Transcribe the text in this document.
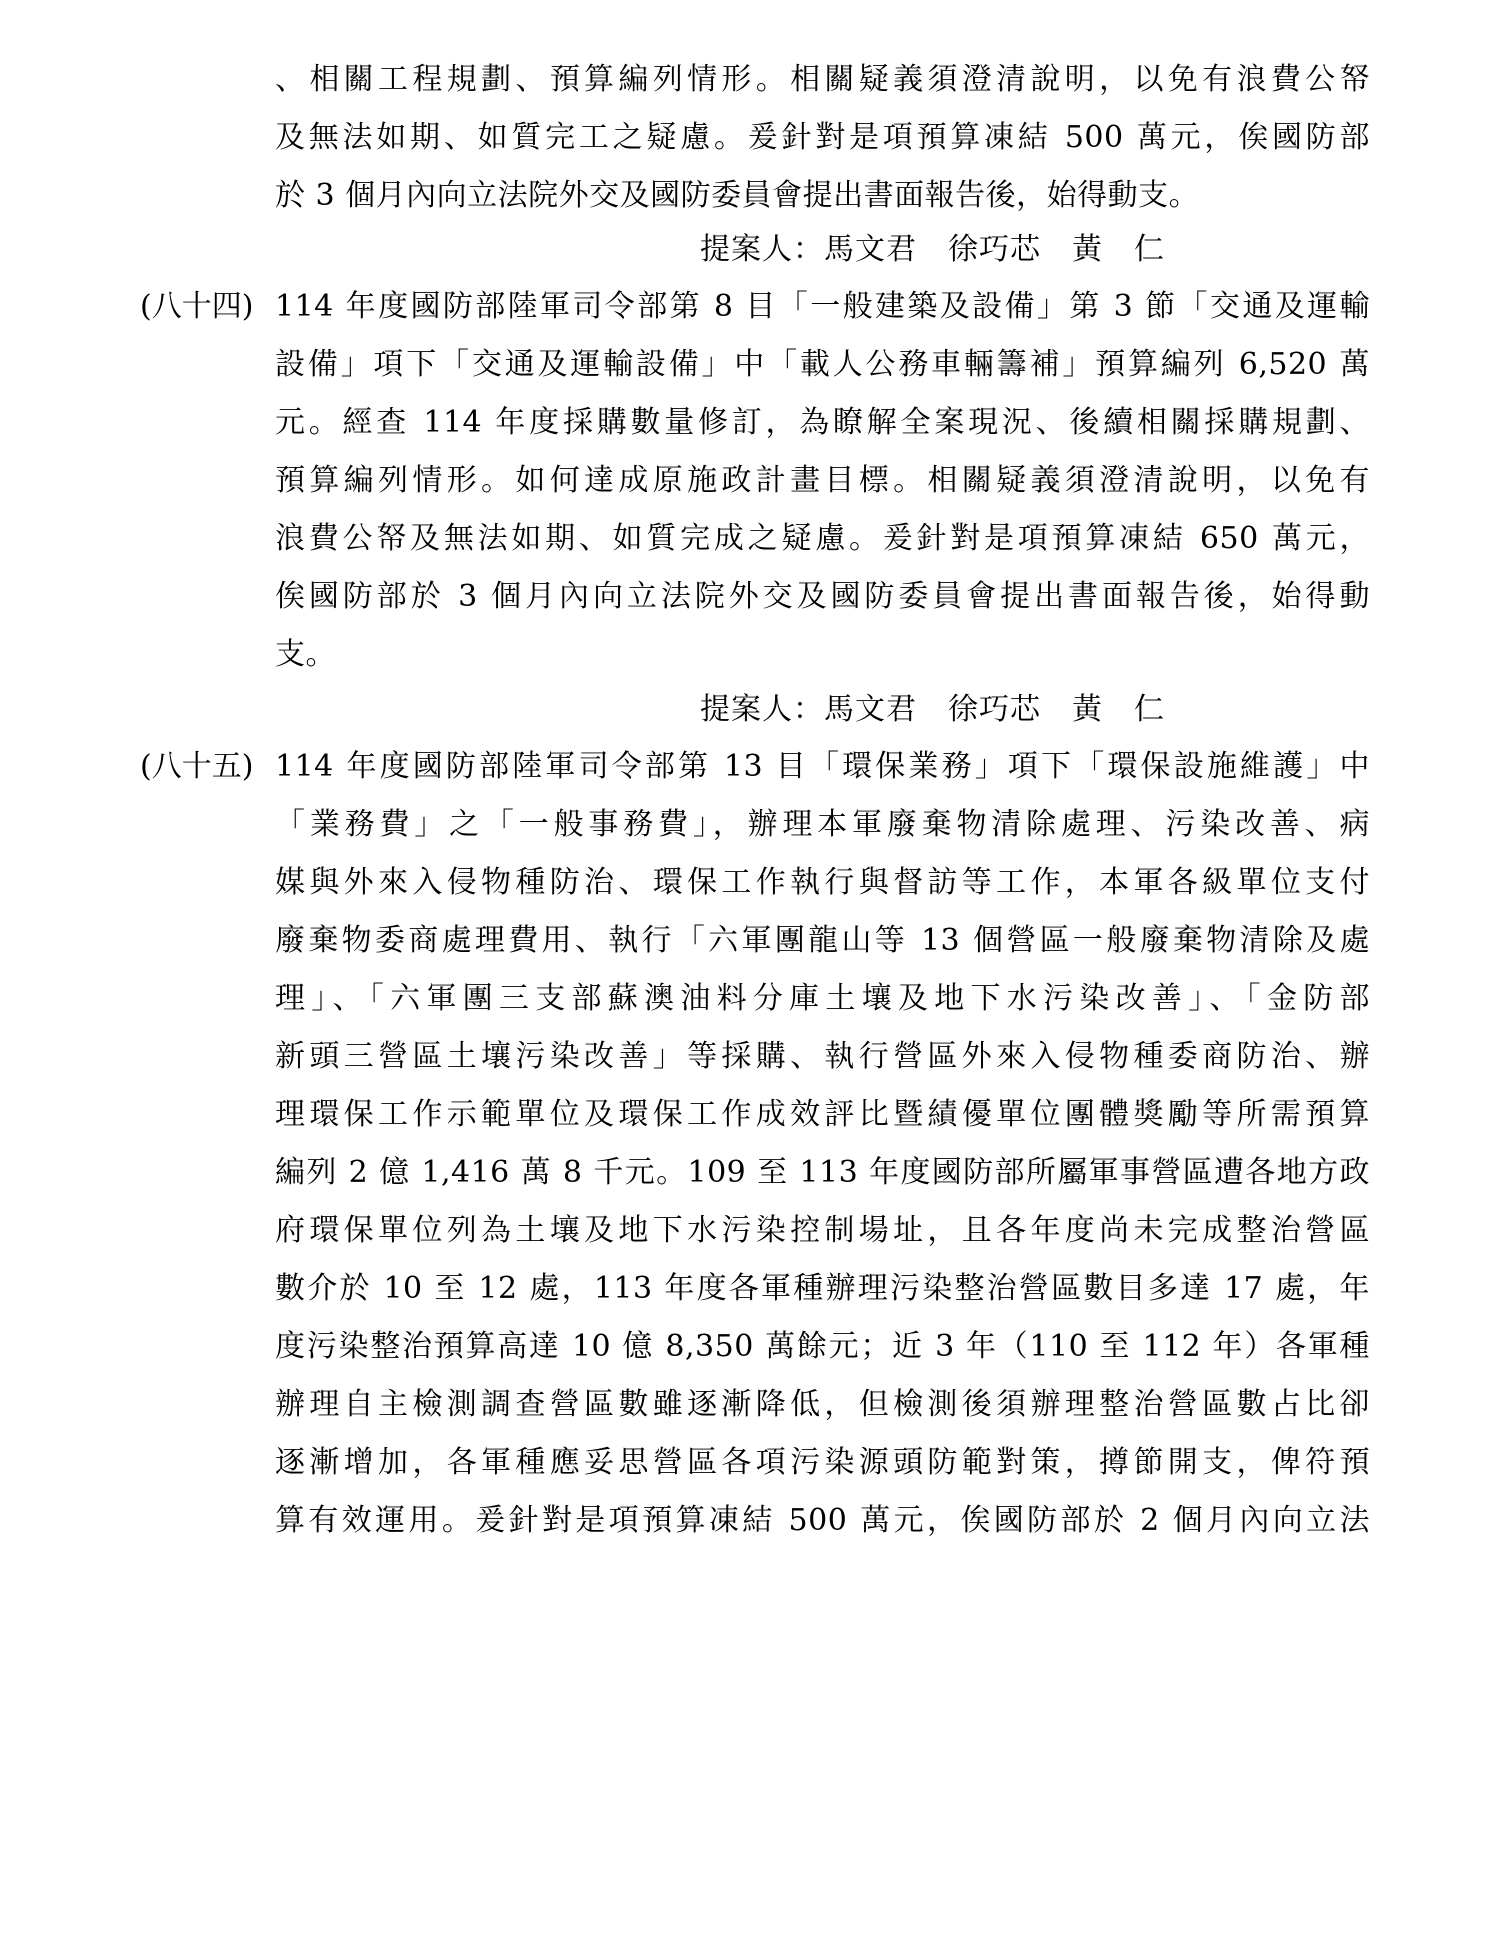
、相關工程規劃、預算編列情形。相關疑義須澄清說明，以免有浪費公帑
及無法如期、如質完工之疑慮。爰針對是項預算凍結 500 萬元，俟國防部
於 3 個月內向立法院外交及國防委員會提出書面報告後，始得動支。
提案人：馬文君　徐巧芯　黃　仁
(八十四) 114 年度國防部陸軍司令部第 8 目「一般建築及設備」第 3 節「交通及運輸
設備」項下「交通及運輸設備」中「載人公務車輛籌補」預算編列 6,520 萬
元。經查 114 年度採購數量修訂，為瞭解全案現況、後續相關採購規劃、
預算編列情形。如何達成原施政計畫目標。相關疑義須澄清說明，以免有
浪費公帑及無法如期、如質完成之疑慮。爰針對是項預算凍結 650 萬元，
俟國防部於 3 個月內向立法院外交及國防委員會提出書面報告後，始得動
支。
提案人：馬文君　徐巧芯　黃　仁
(八十五) 114 年度國防部陸軍司令部第 13 目「環保業務」項下「環保設施維護」中
「業務費」之「一般事務費」，辦理本軍廢棄物清除處理、污染改善、病
媒與外來入侵物種防治、環保工作執行與督訪等工作，本軍各級單位支付
廢棄物委商處理費用、執行「六軍團龍山等 13 個營區一般廢棄物清除及處
理」、「六軍團三支部蘇澳油料分庫土壤及地下水污染改善」、「金防部
新頭三營區土壤污染改善」等採購、執行營區外來入侵物種委商防治、辦
理環保工作示範單位及環保工作成效評比暨績優單位團體獎勵等所需預算
編列 2 億 1,416 萬 8 千元。109 至 113 年度國防部所屬軍事營區遭各地方政
府環保單位列為土壤及地下水污染控制場址，且各年度尚未完成整治營區
數介於 10 至 12 處，113 年度各軍種辦理污染整治營區數目多達 17 處，年
度污染整治預算高達 10 億 8,350 萬餘元；近 3 年（110 至 112 年）各軍種
辦理自主檢測調查營區數雖逐漸降低，但檢測後須辦理整治營區數占比卻
逐漸增加，各軍種應妥思營區各項污染源頭防範對策，撙節開支，俾符預
算有效運用。爰針對是項預算凍結 500 萬元，俟國防部於 2 個月內向立法
